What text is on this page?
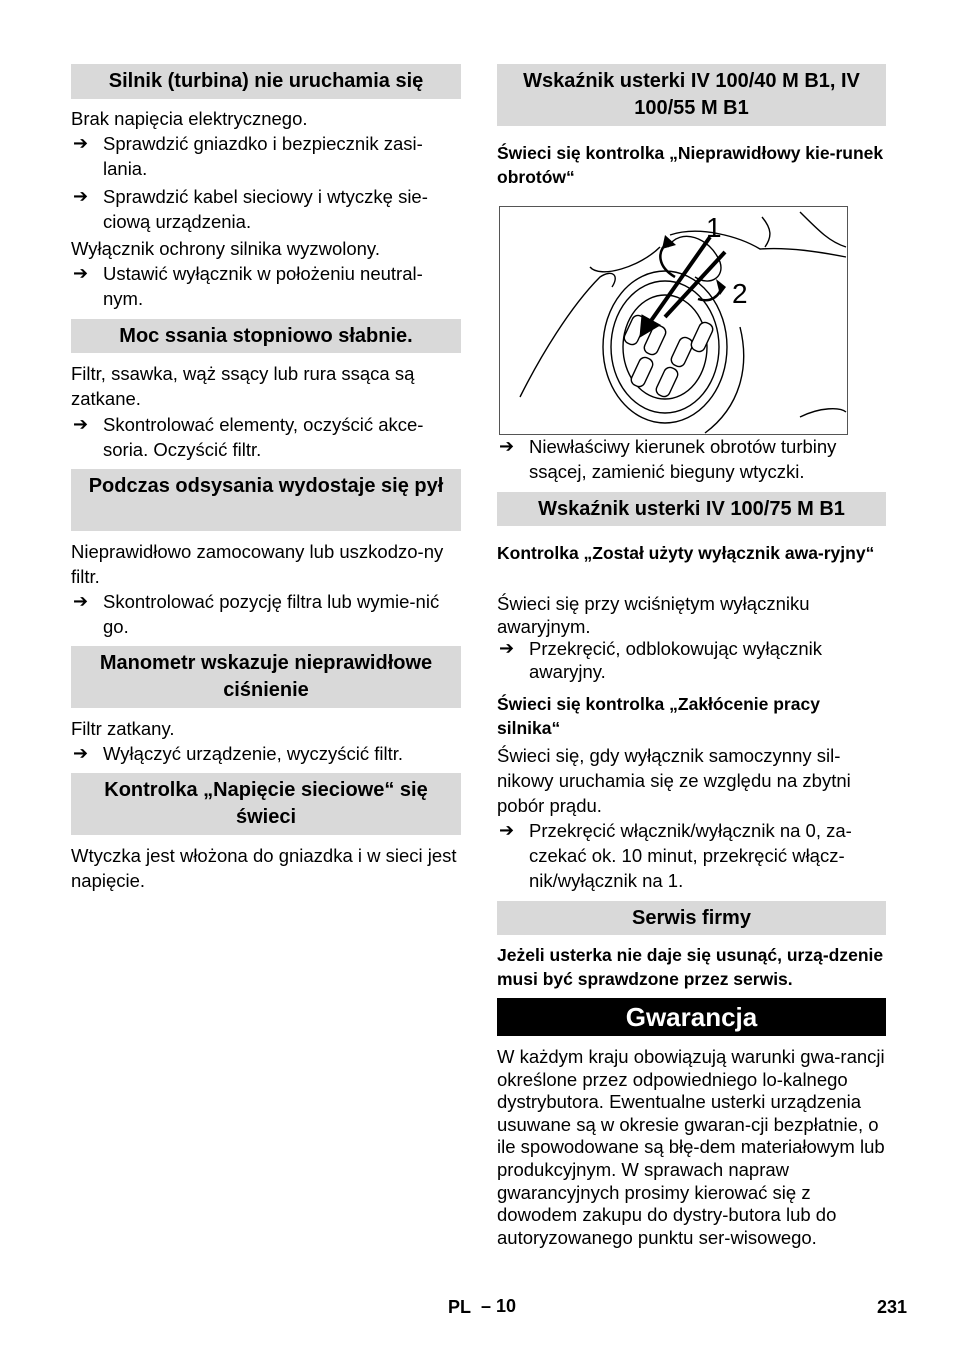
Silnik (turbina) nie uruchamia się

Brak napięcia elektrycznego.

➔ Sprawdzić gniazdko i bezpiecznik zasi-lania.
➔ Sprawdzić kabel sieciowy i wtyczkę sie-ciową urządzenia.

Wyłącznik ochrony silnika wyzwolony.

➔ Ustawić wyłącznik w położeniu neutral-nym.
Moc ssania stopniowo słabnie.

Filtr, ssawka, wąż ssący lub rura ssąca są zatkane.

➔ Skontrolować elementy, oczyścić akce-soria. Oczyścić filtr.
Podczas odsysania wydostaje się pył

Nieprawidłowo zamocowany lub uszkodzo-ny filtr.

➔ Skontrolować pozycję filtra lub wymie-nić go.
Manometr wskazuje nieprawidłowe ciśnienie

Filtr zatkany.

➔ Wyłączyć urządzenie, wyczyścić filtr.
Kontrolka „Napięcie sieciowe“ się świeci

Wtyczka jest włożona do gniazdka i w sieci jest napięcie.

Wskaźnik usterki IV 100/40 M B1, IV 100/55 M B1

Świeci się kontrolka „Nieprawidłowy kie-runek obrotów“

1
2
➔ Niewłaściwy kierunek obrotów turbiny ssącej, zamienić bieguny wtyczki.
Wskaźnik usterki IV 100/75 M B1

Kontrolka „Został użyty wyłącznik awa-ryjny“

Świeci się przy wciśniętym wyłączniku awaryjnym.

➔ Przekręcić, odblokowując wyłącznik awaryjny.

Świeci się kontrolka „Zakłócenie pracy silnika“

Świeci się, gdy wyłącznik samoczynny sil-nikowy uruchamia się ze względu na zbytni pobór prądu.

➔ Przekręcić włącznik/wyłącznik na 0, za-czekać ok. 10 minut, przekręcić włącz-nik/wyłącznik na 1.
Serwis firmy

Jeżeli usterka nie daje się usunąć, urzą-dzenie musi być sprawdzone przez serwis.

Gwarancja

W każdym kraju obowiązują warunki gwa-rancji określone przez odpowiedniego lo-kalnego dystrybutora. Ewentualne usterki urządzenia usuwane są w okresie gwaran-cji bezpłatnie, o ile spowodowane są błę-dem materiałowym lub produkcyjnym. W sprawach napraw gwarancyjnych prosimy kierować się z dowodem zakupu do dystry-butora lub do autoryzowanego punktu ser-wisowego.

PL – 10	231
